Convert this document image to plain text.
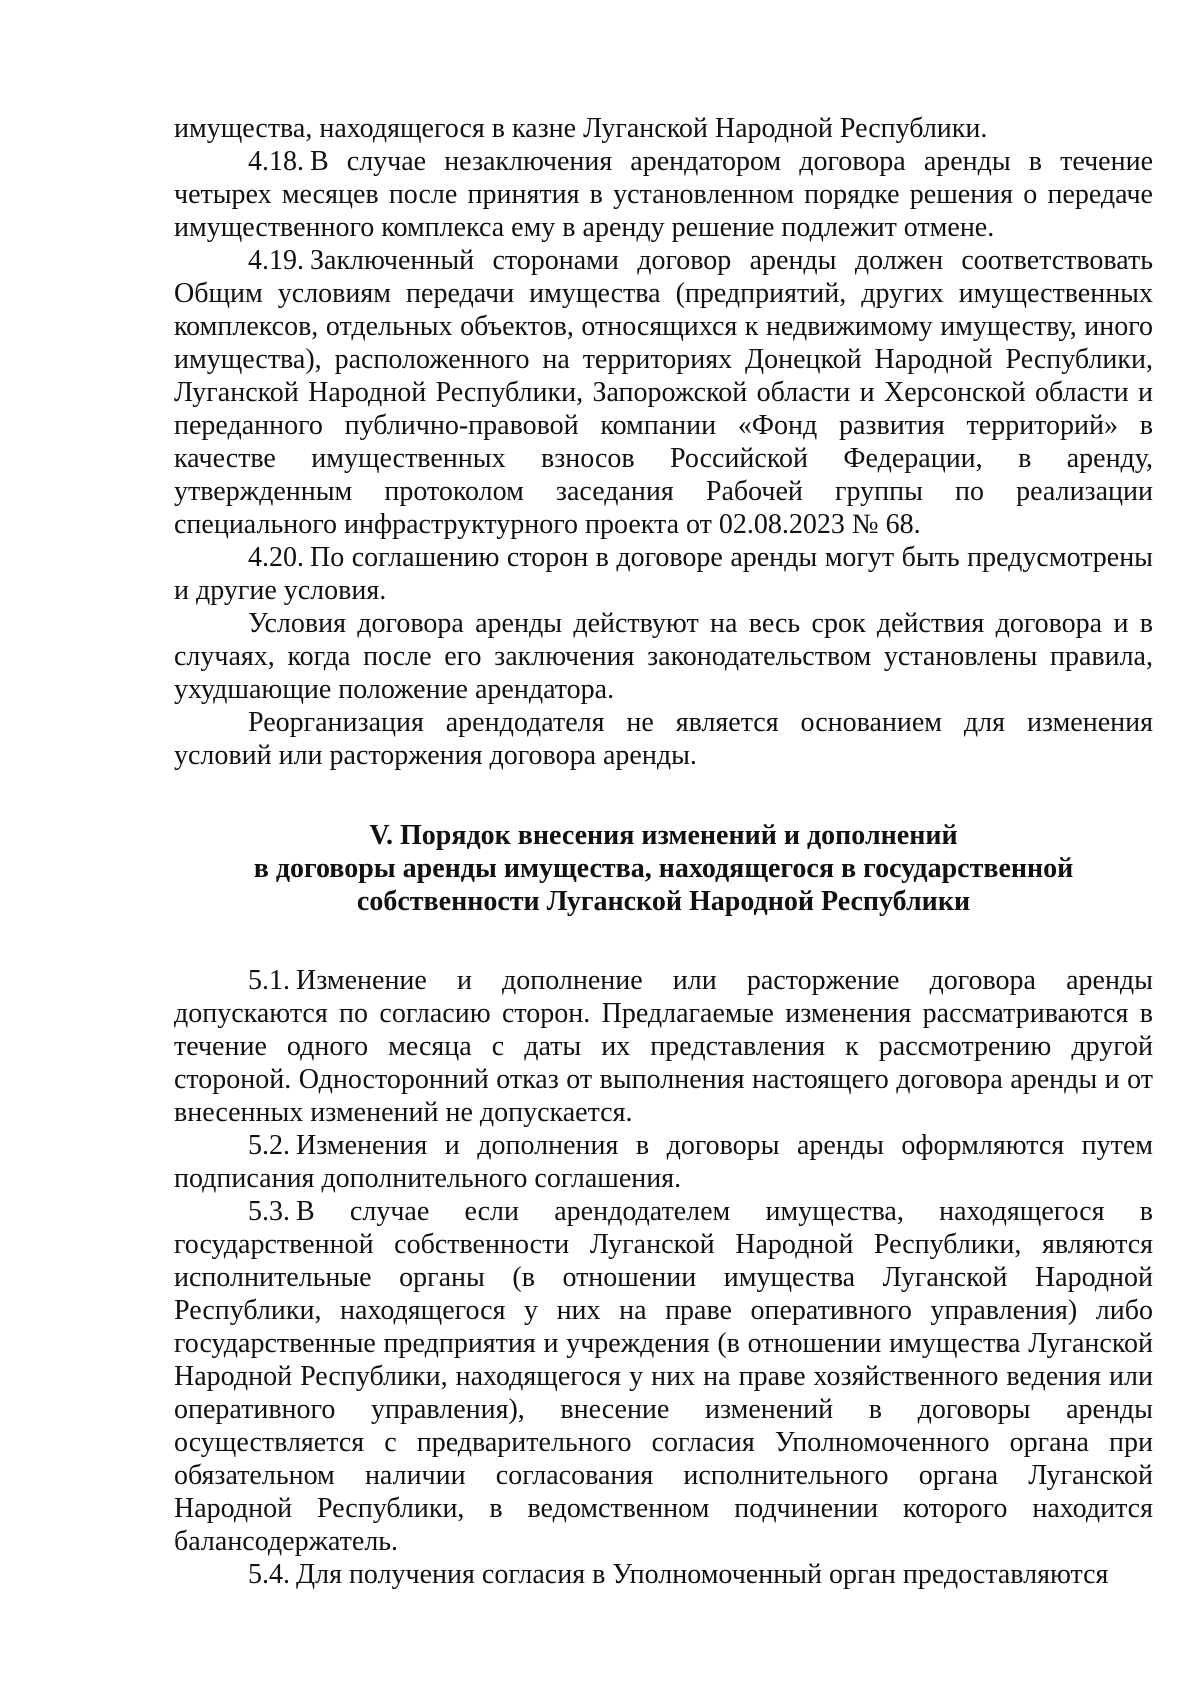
имущества, находящегося в казне Луганской Народной Республики.

4.18. В случае незаключения арендатором договора аренды в течение четырех месяцев после принятия в установленном порядке решения о передаче имущественного комплекса ему в аренду решение подлежит отмене.

4.19. Заключенный сторонами договор аренды должен соответствовать Общим условиям передачи имущества (предприятий, других имущественных комплексов, отдельных объектов, относящихся к недвижимому имуществу, иного имущества), расположенного на территориях Донецкой Народной Республики, Луганской Народной Республики, Запорожской области и Херсонской области и переданного публично-правовой компании «Фонд развития территорий» в качестве имущественных взносов Российской Федерации, в аренду, утвержденным протоколом заседания Рабочей группы по реализации специального инфраструктурного проекта от 02.08.2023 № 68.

4.20. По соглашению сторон в договоре аренды могут быть предусмотрены и другие условия.

Условия договора аренды действуют на весь срок действия договора и в случаях, когда после его заключения законодательством установлены правила, ухудшающие положение арендатора.

Реорганизация арендодателя не является основанием для изменения условий или расторжения договора аренды.

V. Порядок внесения изменений и дополнений
в договоры аренды имущества, находящегося в государственной
собственности Луганской Народной Республики

5.1. Изменение и дополнение или расторжение договора аренды допускаются по согласию сторон. Предлагаемые изменения рассматриваются в течение одного месяца с даты их представления к рассмотрению другой стороной. Односторонний отказ от выполнения настоящего договора аренды и от внесенных изменений не допускается.

5.2. Изменения и дополнения в договоры аренды оформляются путем подписания дополнительного соглашения.

5.3. В случае если арендодателем имущества, находящегося в государственной собственности Луганской Народной Республики, являются исполнительные органы (в отношении имущества Луганской Народной Республики, находящегося у них на праве оперативного управления) либо государственные предприятия и учреждения (в отношении имущества Луганской Народной Республики, находящегося у них на праве хозяйственного ведения или оперативного управления), внесение изменений в договоры аренды осуществляется с предварительного согласия Уполномоченного органа при обязательном наличии согласования исполнительного органа Луганской Народной Республики, в ведомственном подчинении которого находится балансодержатель.

5.4. Для получения согласия в Уполномоченный орган предоставляются
